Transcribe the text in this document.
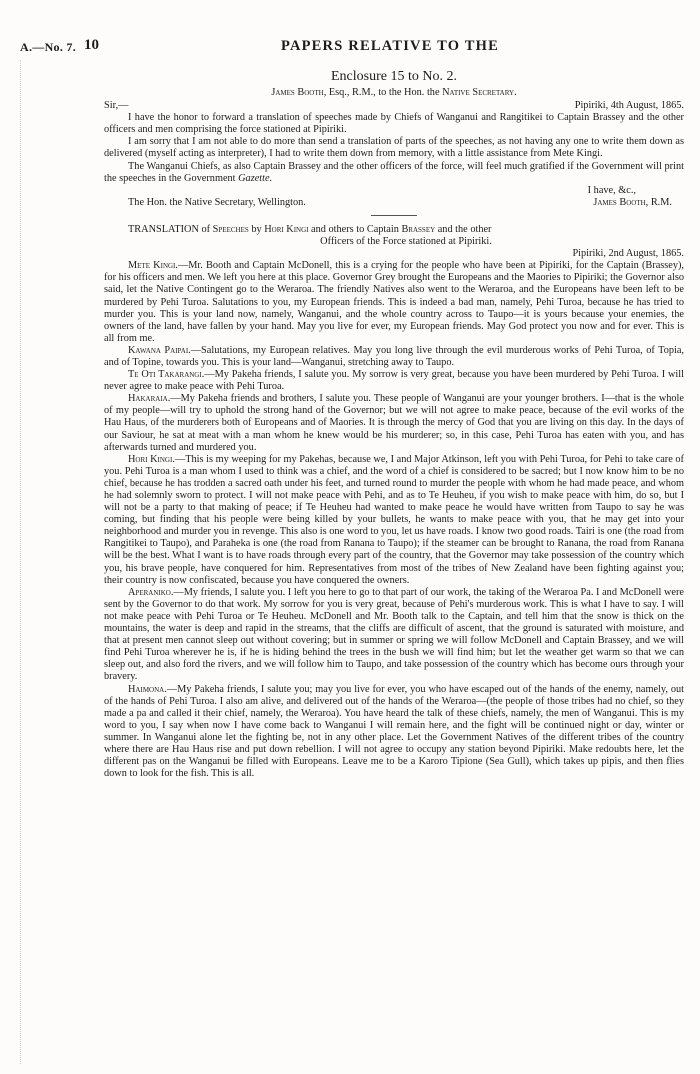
A.—No. 7. 10	PAPERS RELATIVE TO THE
Enclosure 15 to No. 2.
James Booth, Esq., R.M., to the Hon. the Native Secretary.
Sir,—	Pipiriki, 4th August, 1865.

I have the honor to forward a translation of speeches made by Chiefs of Wanganui and Rangitikei to Captain Brassey and the other officers and men comprising the force stationed at Pipiriki.

I am sorry that I am not able to do more than send a translation of parts of the speeches, as not having any one to write them down as delivered (myself acting as interpreter), I had to write them down from memory, with a little assistance from Mete Kingi.

The Wanganui Chiefs, as also Captain Brassey and the other officers of the force, will feel much gratified if the Government will print the speeches in the Government Gazette.

I have, &c.,
The Hon. the Native Secretary, Wellington.	James Booth, R.M.

TRANSLATION of Speeches by Hori Kingi and others to Captain Brassey and the other
Officers of the Force stationed at Pipiriki.

Pipiriki, 2nd August, 1865.

Mete Kingi.—Mr. Booth and Captain McDonell, this is a crying for the people who have been at Pipiriki, for the Captain (Brassey), for his officers and men. We left you here at this place. Governor Grey brought the Europeans and the Maories to Pipiriki; the Governor also said, let the Native Contingent go to the Weraroa. The friendly Natives also went to the Weraroa, and the Europeans have been left to be murdered by Pehi Turoa. Salutations to you, my European friends. This is indeed a bad man, namely, Pehi Turoa, because he has tried to murder you. This is your land now, namely, Wanganui, and the whole country across to Taupo—it is yours because your enemies, the owners of the land, have fallen by your hand. May you live for ever, my European friends. May God protect you now and for ever. This is all from me.

Kawana Paipai.—Salutations, my European relatives. May you long live through the evil murderous works of Pehi Turoa, of Topia, and of Topine, towards you. This is your land—Wanganui, stretching away to Taupo.

Te Oti Takarangi.—My Pakeha friends, I salute you. My sorrow is very great, because you have been murdered by Pehi Turoa. I will never agree to make peace with Pehi Turoa.

Hakaraia.—My Pakeha friends and brothers, I salute you. These people of Wanganui are your younger brothers. I—that is the whole of my people—will try to uphold the strong hand of the Governor; but we will not agree to make peace, because of the evil works of the Hau Haus, of the murderers both of Europeans and of Maories. It is through the mercy of God that you are living on this day. In the days of our Saviour, he sat at meat with a man whom he knew would be his murderer; so, in this case, Pehi Turoa has eaten with you, and has afterwards turned and murdered you.

Hori Kingi.—This is my weeping for my Pakehas, because we, I and Major Atkinson, left you with Pehi Turoa, for Pehi to take care of you. Pehi Turoa is a man whom I used to think was a chief, and the word of a chief is considered to be sacred; but I now know him to be no chief, because he has trodden a sacred oath under his feet, and turned round to murder the people with whom he had made peace, and whom he had solemnly sworn to protect. I will not make peace with Pehi, and as to Te Heuheu, if you wish to make peace with him, do so, but I will not be a party to that making of peace; if Te Heuheu had wanted to make peace he would have written from Taupo to say he was coming, but finding that his people were being killed by your bullets, he wants to make peace with you, that he may get into your neighborhood and murder you in revenge. This also is one word to you, let us have roads. I know two good roads. Tairi is one (the road from Rangitikei to Taupo), and Paraheka is one (the road from Ranana to Taupo); if the steamer can be brought to Ranana, the road from Ranana will be the best. What I want is to have roads through every part of the country, that the Governor may take possession of the country which you, his brave people, have conquered for him. Representatives from most of the tribes of New Zealand have been fighting against you; their country is now confiscated, because you have conquered the owners.

Aperaniko.—My friends, I salute you. I left you here to go to that part of our work, the taking of the Weraroa Pa. I and McDonell were sent by the Governor to do that work. My sorrow for you is very great, because of Pehi's murderous work. This is what I have to say. I will not make peace with Pehi Turoa or Te Heuheu. McDonell and Mr. Booth talk to the Captain, and tell him that the snow is thick on the mountains, the water is deep and rapid in the streams, that the cliffs are difficult of ascent, that the ground is saturated with moisture, and that at present men cannot sleep out without covering; but in summer or spring we will follow McDonell and Captain Brassey, and we will find Pehi Turoa wherever he is, if he is hiding behind the trees in the bush we will find him; but let the weather get warm so that we can sleep out, and also ford the rivers, and we will follow him to Taupo, and take possession of the country which has become ours through your bravery.

Haimona.—My Pakeha friends, I salute you; may you live for ever, you who have escaped out of the hands of the enemy, namely, out of the hands of Pehi Turoa. I also am alive, and delivered out of the hands of the Weraroa—(the people of those tribes had no chief, so they made a pa and called it their chief, namely, the Weraroa). You have heard the talk of these chiefs, namely, the men of Wanganui. This is my word to you, I say when now I have come back to Wanganui I will remain here, and the fight will be continued night or day, winter or summer. In Wanganui alone let the fighting be, not in any other place. Let the Government Natives of the different tribes of the country where there are Hau Haus rise and put down rebellion. I will not agree to occupy any station beyond Pipiriki. Make redoubts here, let the different pas on the Wanganui be filled with Europeans. Leave me to be a Karoro Tipione (Sea Gull), which takes up pipis, and then flies down to look for the fish. This is all.
